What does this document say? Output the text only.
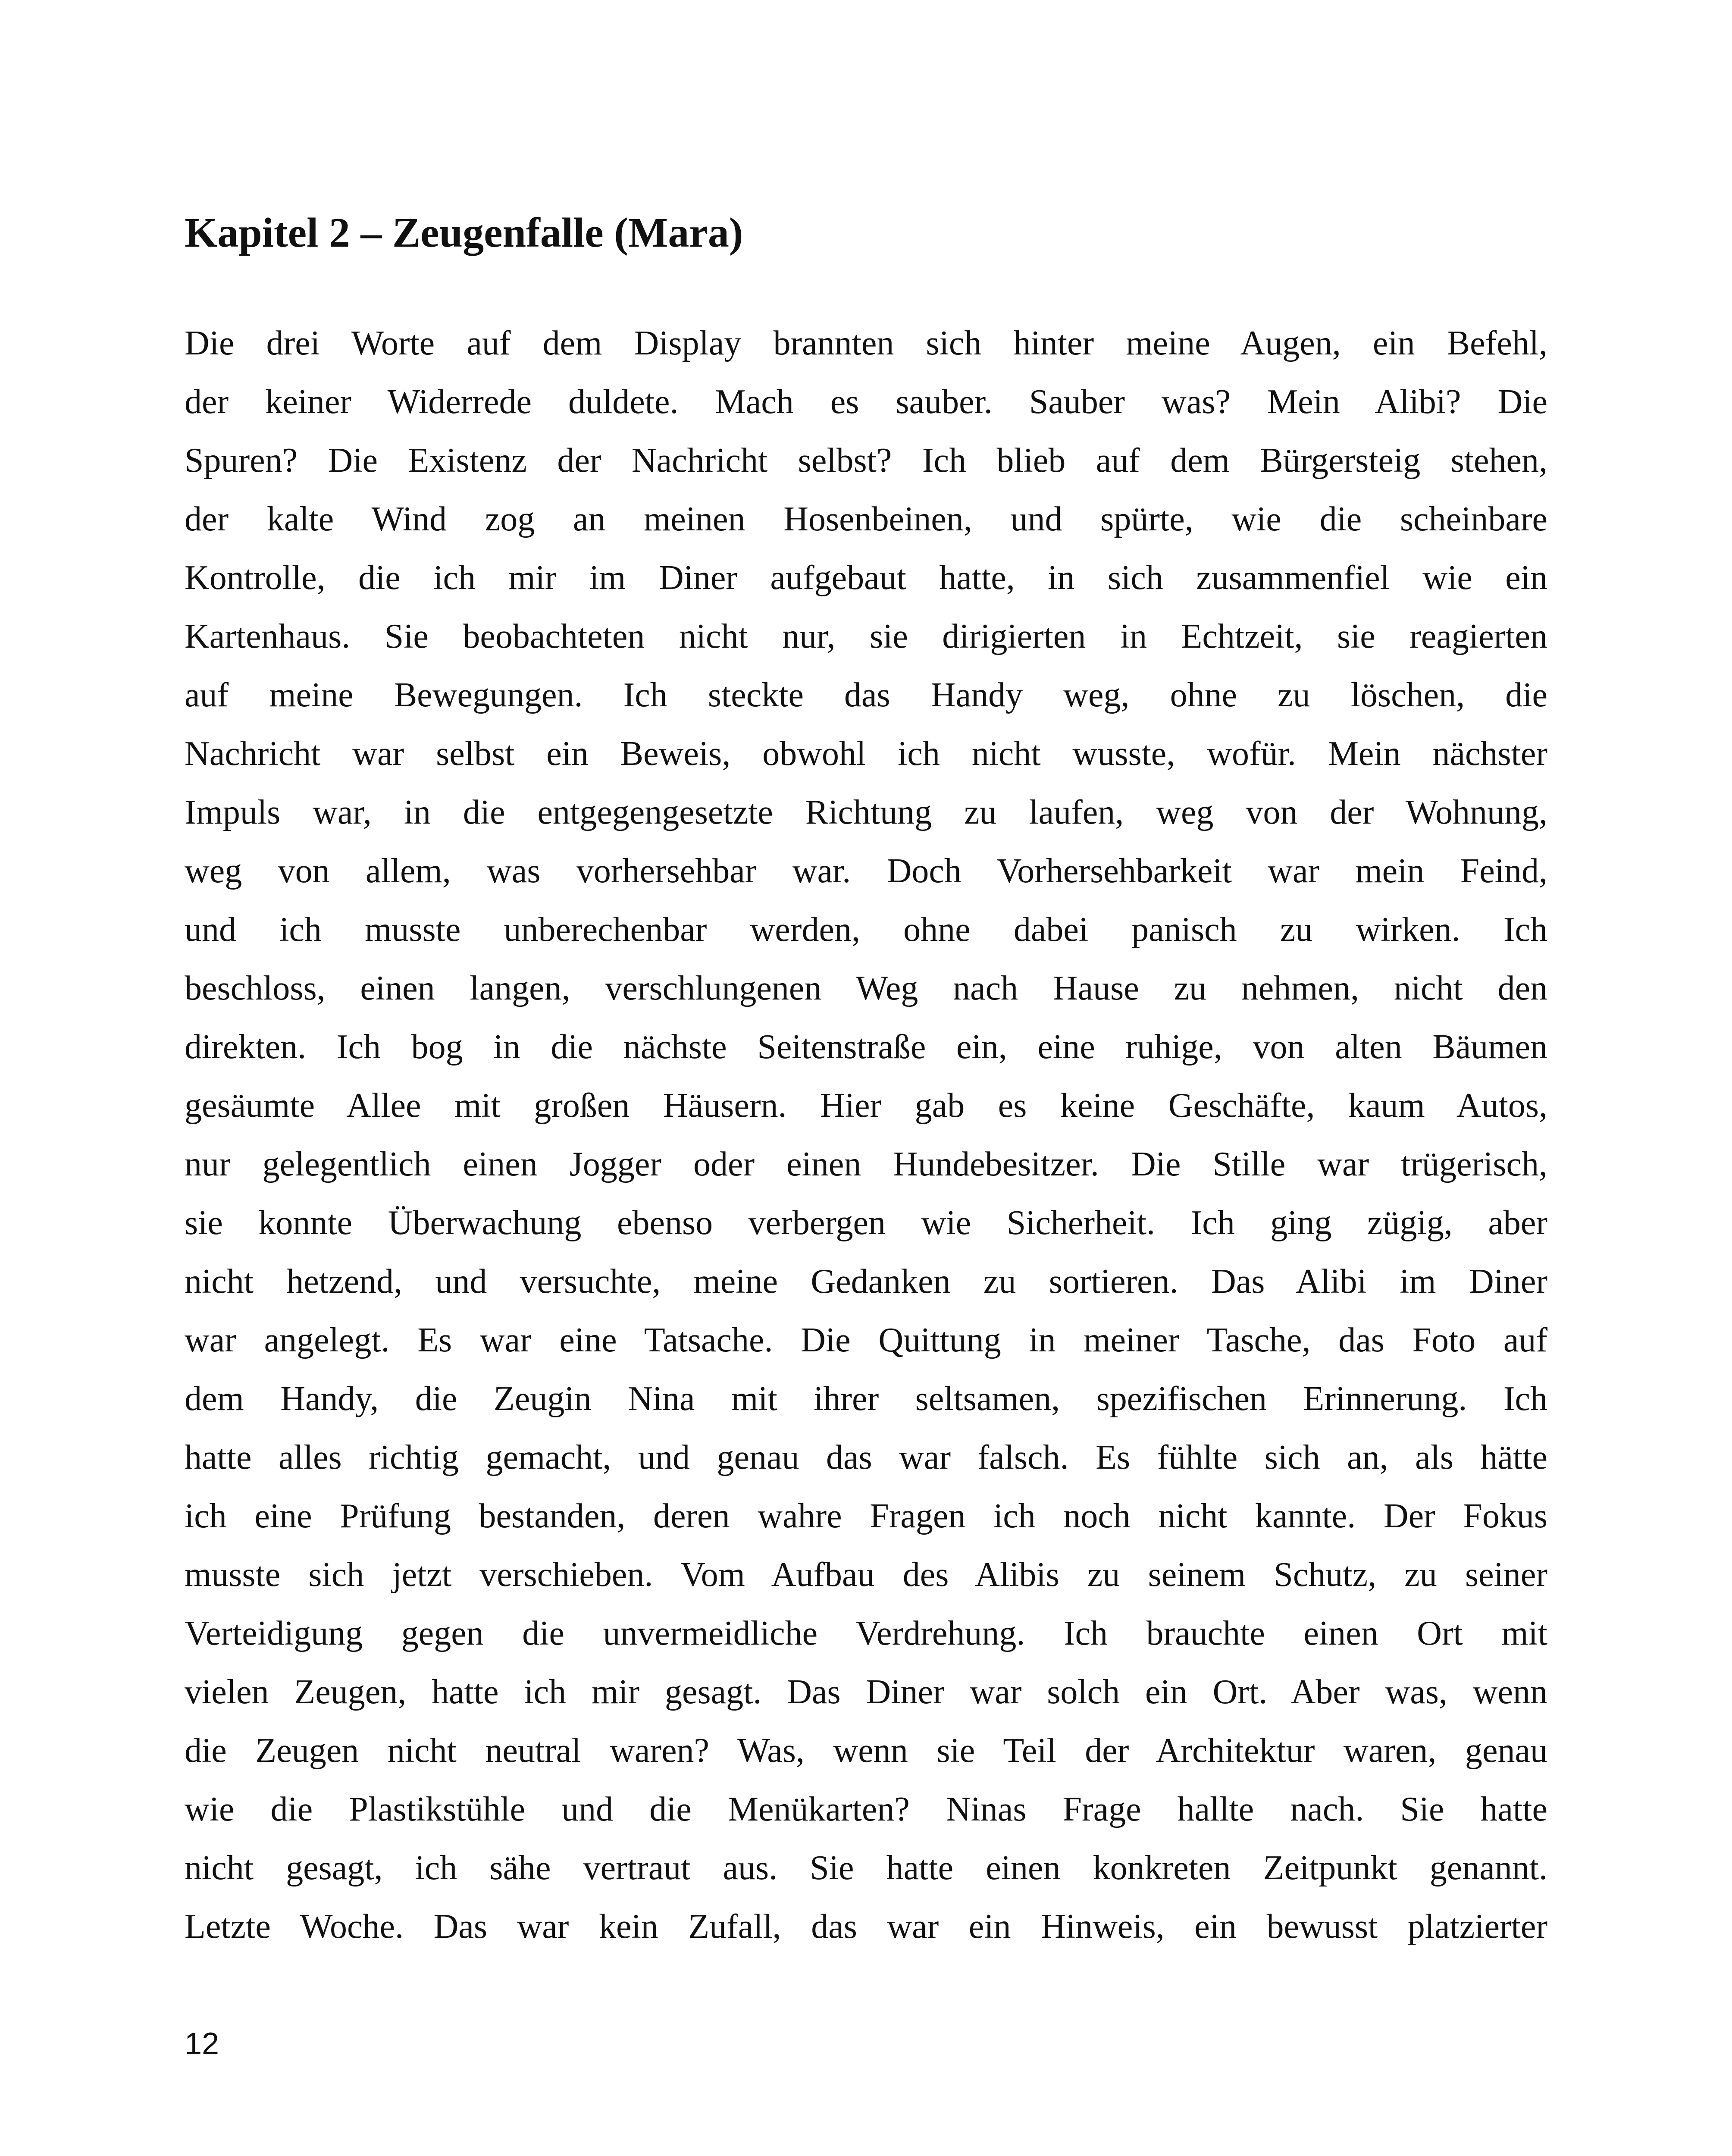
Kapitel 2 – Zeugenfalle (Mara)
Die drei Worte auf dem Display brannten sich hinter meine Augen, ein Befehl,
der keiner Widerrede duldete. Mach es sauber. Sauber was? Mein Alibi? Die
Spuren? Die Existenz der Nachricht selbst? Ich blieb auf dem Bürgersteig stehen,
der kalte Wind zog an meinen Hosenbeinen, und spürte, wie die scheinbare
Kontrolle, die ich mir im Diner aufgebaut hatte, in sich zusammenfiel wie ein
Kartenhaus. Sie beobachteten nicht nur, sie dirigierten in Echtzeit, sie reagierten
auf meine Bewegungen. Ich steckte das Handy weg, ohne zu löschen, die
Nachricht war selbst ein Beweis, obwohl ich nicht wusste, wofür. Mein nächster
Impuls war, in die entgegengesetzte Richtung zu laufen, weg von der Wohnung,
weg von allem, was vorhersehbar war. Doch Vorhersehbarkeit war mein Feind,
und ich musste unberechenbar werden, ohne dabei panisch zu wirken. Ich
beschloss, einen langen, verschlungenen Weg nach Hause zu nehmen, nicht den
direkten. Ich bog in die nächste Seitenstraße ein, eine ruhige, von alten Bäumen
gesäumte Allee mit großen Häusern. Hier gab es keine Geschäfte, kaum Autos,
nur gelegentlich einen Jogger oder einen Hundebesitzer. Die Stille war trügerisch,
sie konnte Überwachung ebenso verbergen wie Sicherheit. Ich ging zügig, aber
nicht hetzend, und versuchte, meine Gedanken zu sortieren. Das Alibi im Diner
war angelegt. Es war eine Tatsache. Die Quittung in meiner Tasche, das Foto auf
dem Handy, die Zeugin Nina mit ihrer seltsamen, spezifischen Erinnerung. Ich
hatte alles richtig gemacht, und genau das war falsch. Es fühlte sich an, als hätte
ich eine Prüfung bestanden, deren wahre Fragen ich noch nicht kannte. Der Fokus
musste sich jetzt verschieben. Vom Aufbau des Alibis zu seinem Schutz, zu seiner
Verteidigung gegen die unvermeidliche Verdrehung. Ich brauchte einen Ort mit
vielen Zeugen, hatte ich mir gesagt. Das Diner war solch ein Ort. Aber was, wenn
die Zeugen nicht neutral waren? Was, wenn sie Teil der Architektur waren, genau
wie die Plastikstühle und die Menükarten? Ninas Frage hallte nach. Sie hatte
nicht gesagt, ich sähe vertraut aus. Sie hatte einen konkreten Zeitpunkt genannt.
Letzte Woche. Das war kein Zufall, das war ein Hinweis, ein bewusst platzierter
12
